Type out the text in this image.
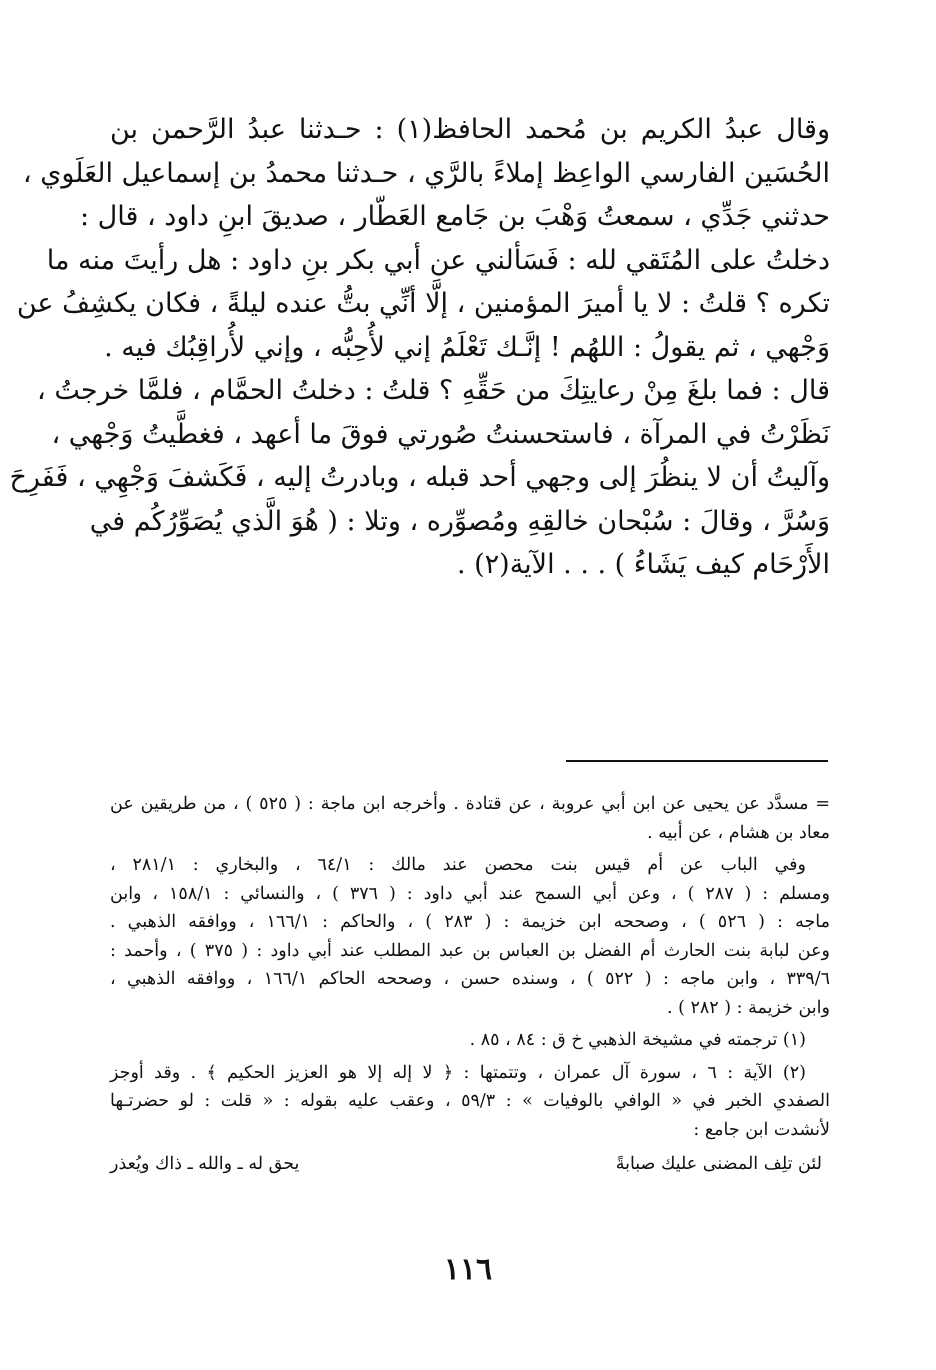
وقال عبدُ الكريم بن مُحمد الحافظ(١) : حـدثنا عبدُ الرَّحمن بن
الحُسَين الفارسي الواعِظ إملاءً بالرَّي ، حـدثنا محمدُ بن إسماعيل العَلَوي ،
حدثني جَدِّي ، سمعتُ وَهْبَ بن جَامع العَطّار ، صديقَ ابنِ داود ، قال :
دخلتُ على المُتَقي لله : فَسَألني عن أبي بكر بنِ داود : هل رأيتَ منه ما
تكره ؟ قلتُ : لا يا أميرَ المؤمنين ، إلَّا أنِّي بتُّ عنده ليلةً ، فكان يكشِفُ عن
وَجْهي ، ثم يقولُ : اللهُم ! إنَّـك تَعْلَمُ إني لأُحِبُّه ، وإني لأُراقِبُك فيه .
قال : فما بلغَ مِنْ رعايتِكَ من حَقِّهِ ؟ قلتُ : دخلتُ الحمَّام ، فلمَّا خرجتُ ،
نَظَرْتُ في المرآة ، فاستحسنتُ صُورتي فوقَ ما أعهد ، فغطَّيتُ وَجْهي ،
وآليتُ أن لا ينظُرَ إلى وجهي أحد قبله ، وبادرتُ إليه ، فَكَشفَ وَجْهِي ، فَفَرِحَ
وَسُرَّ ، وقالَ : سُبْحان خالقِهِ ومُصوِّره ، وتلا : ( هُوَ الَّذي يُصَوِّرُكُم في
الأَرْحَام كيف يَشَاءُ ) . . . الآية(٢) .

= مسدَّد عن يحيى عن ابن أبي عروبة ، عن قتادة . وأخرجه ابن ماجة : ( ٥٢٥ ) ، من طريقين عن
معاد بن هشام ، عن أبيه .
وفي الباب عن أم قيس بنت محصن عند مالك : ٦٤/١ ، والبخاري : ٢٨١/١ ،
ومسلم : ( ٢٨٧ ) ، وعن أبي السمح عند أبي داود : ( ٣٧٦ ) ، والنسائي : ١٥٨/١ ، وابن
ماجه : ( ٥٢٦ ) ، وصححه ابن خزيمة : ( ٢٨٣ ) ، والحاكم : ١٦٦/١ ، ووافقه الذهبي .
وعن لبابة بنت الحارث أم الفضل بن العباس بن عبد المطلب عند أبي داود : ( ٣٧٥ ) ، وأحمد :
٣٣٩/٦ ، وابن ماجه : ( ٥٢٢ ) ، وسنده حسن ، وصححه الحاكم ١٦٦/١ ، ووافقه الذهبي ،
وابن خزيمة : ( ٢٨٢ ) .
(١) ترجمته في مشيخة الذهبي خ ق : ٨٤ ، ٨٥ .
(٢) الآية : ٦ ، سورة آل عمران ، وتتمتها : ﴿ لا إله إلا هو العزيز الحكيم ﴾ . وقد أوجز
الصفدي الخبر في « الوافي بالوفيات » : ٥٩/٣ ، وعقب عليه بقوله : « قلت : لو حضرتـها
لأنشدت ابن جامع :
لئن تلِف المضنى عليك صبابةً
يحق له ـ والله ـ ذاك ويُعذر
١١٦
